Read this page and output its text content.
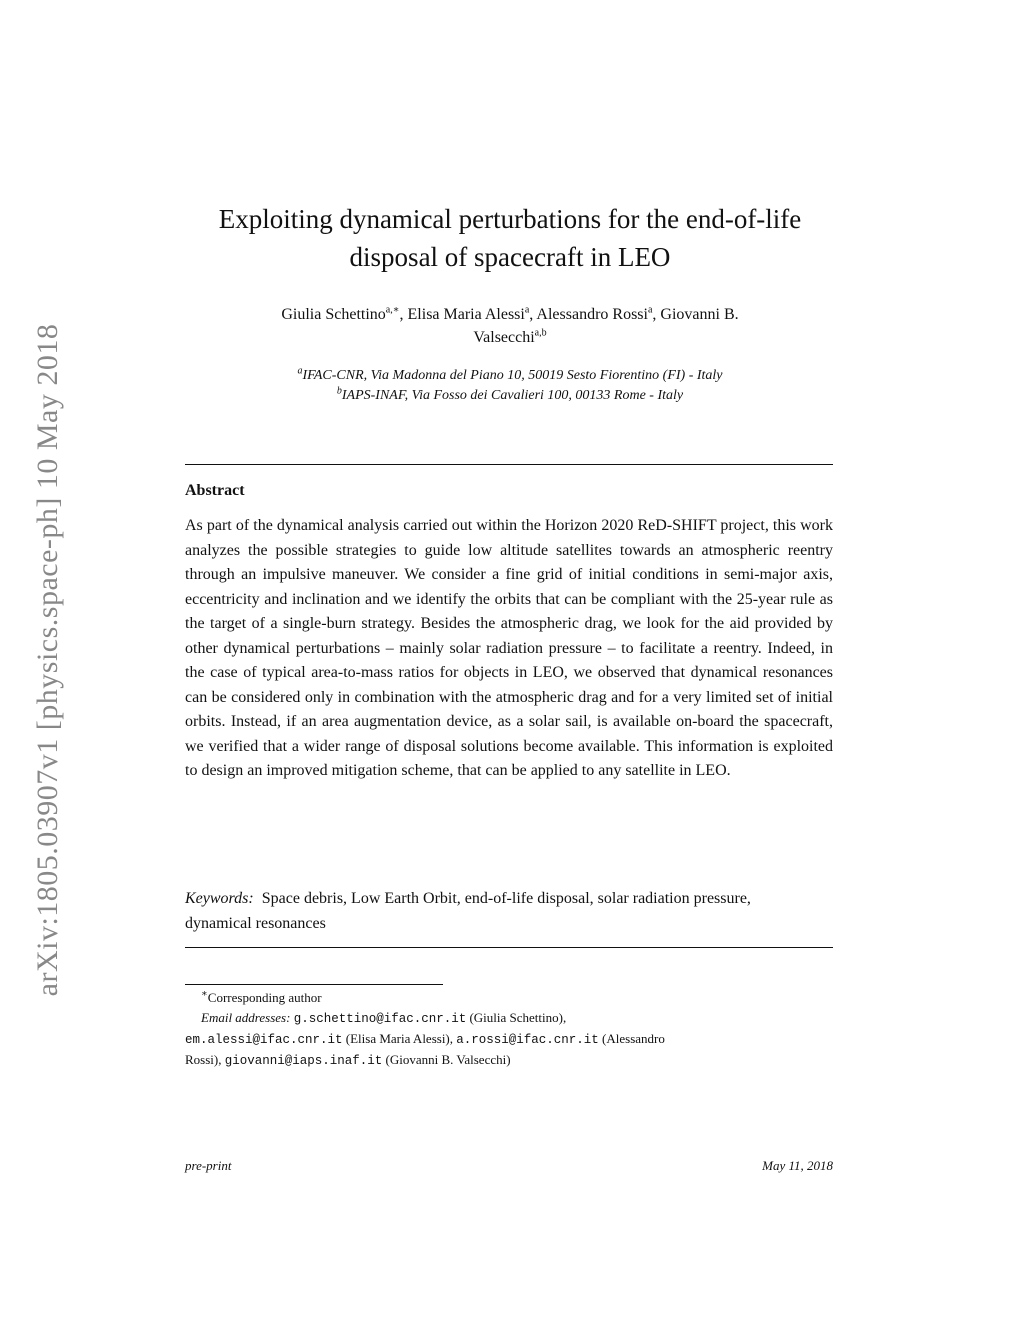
arXiv:1805.03907v1 [physics.space-ph] 10 May 2018
Exploiting dynamical perturbations for the end-of-life
disposal of spacecraft in LEO
Giulia Schettino$^{a,∗}$, Elisa Maria Alessi$^a$, Alessandro Rossi$^a$, Giovanni B.
Valsecchi$^{a,b}$
$^a$IFAC-CNR, Via Madonna del Piano 10, 50019 Sesto Fiorentino (FI) - Italy
$^b$IAPS-INAF, Via Fosso dei Cavalieri 100, 00133 Rome - Italy
Abstract

As part of the dynamical analysis carried out within the Horizon 2020 ReD-SHIFT project, this work analyzes the possible strategies to guide low altitude satellites towards an atmospheric reentry through an impulsive maneuver. We consider a fine grid of initial conditions in semi-major axis, eccentricity and inclination and we identify the orbits that can be compliant with the 25-year rule as the target of a single-burn strategy. Besides the atmospheric drag, we look for the aid provided by other dynamical perturbations – mainly solar radiation pressure – to facilitate a reentry. Indeed, in the case of typical area-to-mass ratios for objects in LEO, we observed that dynamical resonances can be considered only in combination with the atmospheric drag and for a very limited set of initial orbits. Instead, if an area augmentation device, as a solar sail, is available on-board the spacecraft, we verified that a wider range of disposal solutions become available. This information is exploited to design an improved mitigation scheme, that can be applied to any satellite in LEO.

Keywords: Space debris, Low Earth Orbit, end-of-life disposal, solar radiation pressure, dynamical resonances

∗Corresponding author
Email addresses: g.schettino@ifac.cnr.it (Giulia Schettino),
em.alessi@ifac.cnr.it (Elisa Maria Alessi), a.rossi@ifac.cnr.it (Alessandro
Rossi), giovanni@iaps.inaf.it (Giovanni B. Valsecchi)
pre-print	May 11, 2018
